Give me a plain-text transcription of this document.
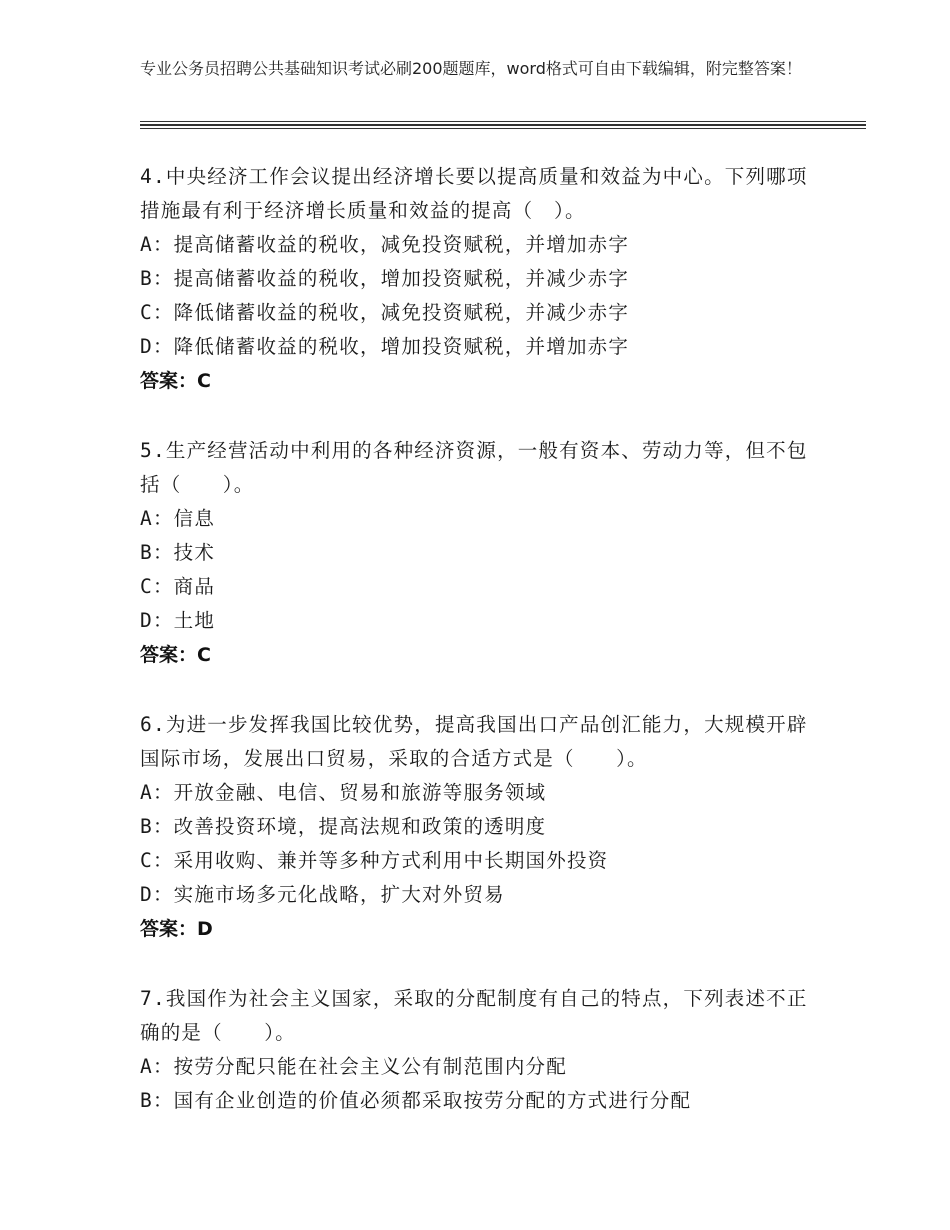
专业公务员招聘公共基础知识考试必刷200题题库，word格式可自由下载编辑，附完整答案！
4.中央经济工作会议提出经济增长要以提高质量和效益为中心。下列哪项措施最有利于经济增长质量和效益的提高（　）。
A：提高储蓄收益的税收，减免投资赋税，并增加赤字
B：提高储蓄收益的税收，增加投资赋税，并减少赤字
C：降低储蓄收益的税收，减免投资赋税，并减少赤字
D：降低储蓄收益的税收，增加投资赋税，并增加赤字
答案：C
5.生产经营活动中利用的各种经济资源，一般有资本、劳动力等，但不包括（　　）。
A：信息
B：技术
C：商品
D：土地
答案：C
6.为进一步发挥我国比较优势，提高我国出口产品创汇能力，大规模开辟国际市场，发展出口贸易，采取的合适方式是（　　）。
A：开放金融、电信、贸易和旅游等服务领域
B：改善投资环境，提高法规和政策的透明度
C：采用收购、兼并等多种方式利用中长期国外投资
D：实施市场多元化战略，扩大对外贸易
答案：D
7.我国作为社会主义国家，采取的分配制度有自己的特点，下列表述不正确的是（　　）。
A：按劳分配只能在社会主义公有制范围内分配
B：国有企业创造的价值必须都采取按劳分配的方式进行分配
